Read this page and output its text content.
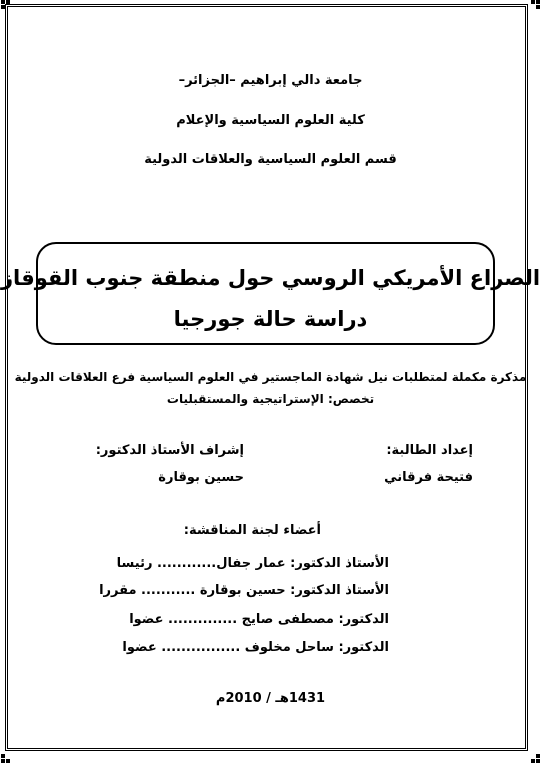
جامعة دالي إبراهيم –الجزائر–
كلية العلوم السياسية والإعلام
قسم العلوم السياسية والعلاقات الدولية
الصراع الأمريكي الروسي حول منطقة جنوب القوقاز
دراسة حالة جورجيا
مذكرة مكملة لمتطلبات نيل شهادة الماجستير في العلوم السياسية فرع العلاقات الدولية
تخصص: الإستراتيجية والمستقبليات
إعداد الطالبة:
فتيحة فرقاني
إشراف الأستاذ الدكتور:
حسين بوقارة
أعضاء لجنة المناقشة:
الأستاذ الدكتور: عمار جفال............ رئيسا
الأستاذ الدكتور: حسين بوقارة ........... مقررا
الدكتور: مصطفى صايج .............. عضوا
الدكتور: ساحل مخلوف ................ عضوا
1431هـ / 2010م
